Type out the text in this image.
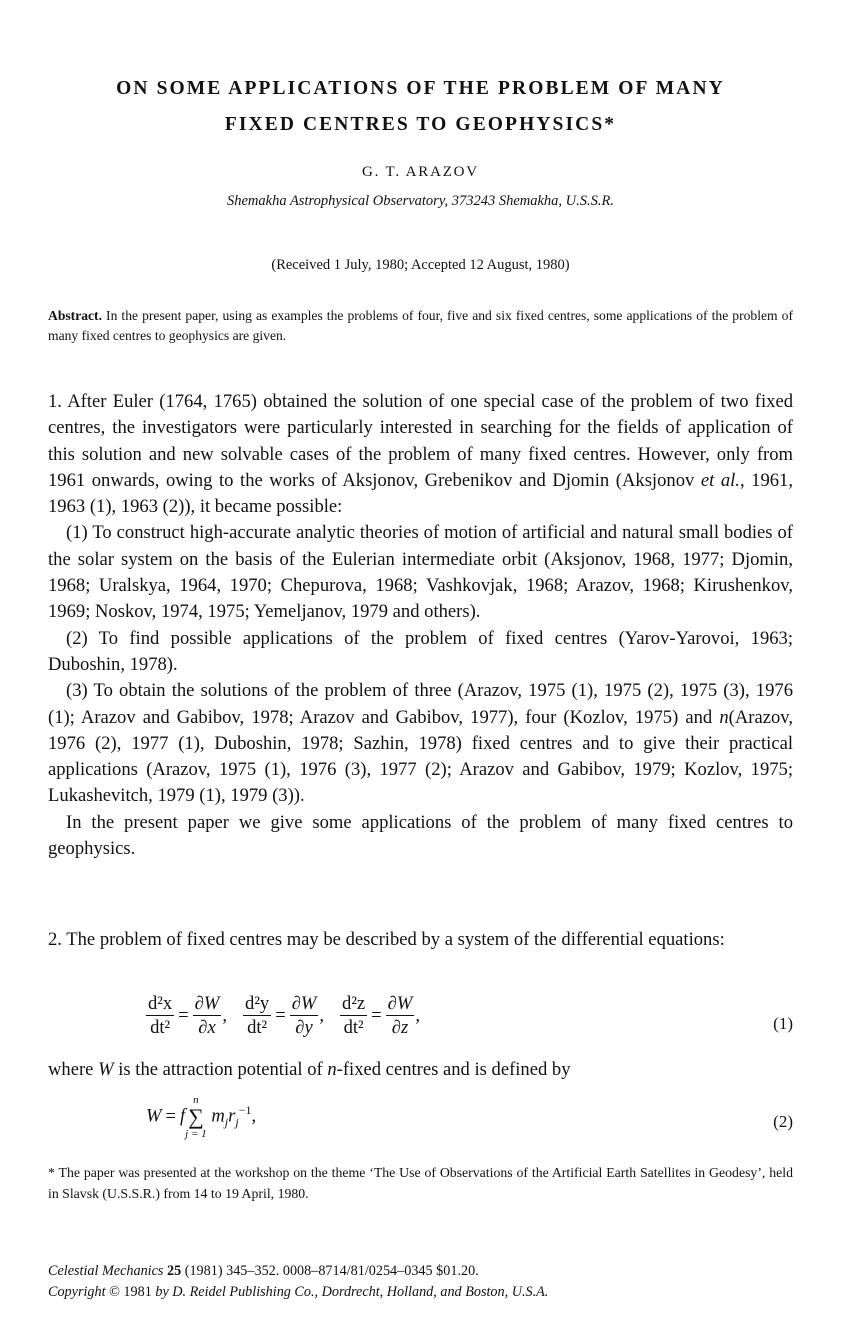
ON SOME APPLICATIONS OF THE PROBLEM OF MANY
FIXED CENTRES TO GEOPHYSICS*
G. T. ARAZOV
Shemakha Astrophysical Observatory, 373243 Shemakha, U.S.S.R.
(Received 1 July, 1980; Accepted 12 August, 1980)
Abstract. In the present paper, using as examples the problems of four, five and six fixed centres, some applications of the problem of many fixed centres to geophysics are given.

1. After Euler (1764, 1765) obtained the solution of one special case of the problem of two fixed centres, the investigators were particularly interested in searching for the fields of application of this solution and new solvable cases of the problem of many fixed centres. However, only from 1961 onwards, owing to the works of Aksjonov, Grebenikov and Djomin (Aksjonov et al., 1961, 1963 (1), 1963 (2)), it became possible:

(1) To construct high-accurate analytic theories of motion of artificial and natural small bodies of the solar system on the basis of the Eulerian intermediate orbit (Aksjonov, 1968, 1977; Djomin, 1968; Uralskya, 1964, 1970; Chepurova, 1968; Vashkovjak, 1968; Arazov, 1968; Kirushenkov, 1969; Noskov, 1974, 1975; Yemeljanov, 1979 and others).

(2) To find possible applications of the problem of fixed centres (Yarov-Yarovoi, 1963; Duboshin, 1978).

(3) To obtain the solutions of the problem of three (Arazov, 1975 (1), 1975 (2), 1975 (3), 1976 (1); Arazov and Gabibov, 1978; Arazov and Gabibov, 1977), four (Kozlov, 1975) and n(Arazov, 1976 (2), 1977 (1), Duboshin, 1978; Sazhin, 1978) fixed centres and to give their practical applications (Arazov, 1975 (1), 1976 (3), 1977 (2); Arazov and Gabibov, 1979; Kozlov, 1975; Lukashevitch, 1979 (1), 1979 (3)).

In the present paper we give some applications of the problem of many fixed centres to geophysics.

2. The problem of fixed centres may be described by a system of the differential equations:

$\frac{\text{d²x}}{\text{dt²}} = \frac{\partial W}{\partial x}$ , $\frac{\text{d²y}}{\text{dt²}} = \frac{\partial W}{\partial y}$ , $\frac{\text{d²z}}{\text{dt²}} = \frac{\partial W}{\partial z}$ ,	(1)

where W is the attraction potential of n-fixed centres and is defined by

W = f
n
∑
j = 1
$m_jr_j^{-1}$,	(2)
* The paper was presented at the workshop on the theme ‘The Use of Observations of the Artificial Earth Satellites in Geodesy’, held in Slavsk (U.S.S.R.) from 14 to 19 April, 1980.
Celestial Mechanics 25 (1981) 345–352. 0008–8714/81/0254–0345 $01.20.
Copyright © 1981 by D. Reidel Publishing Co., Dordrecht, Holland, and Boston, U.S.A.
